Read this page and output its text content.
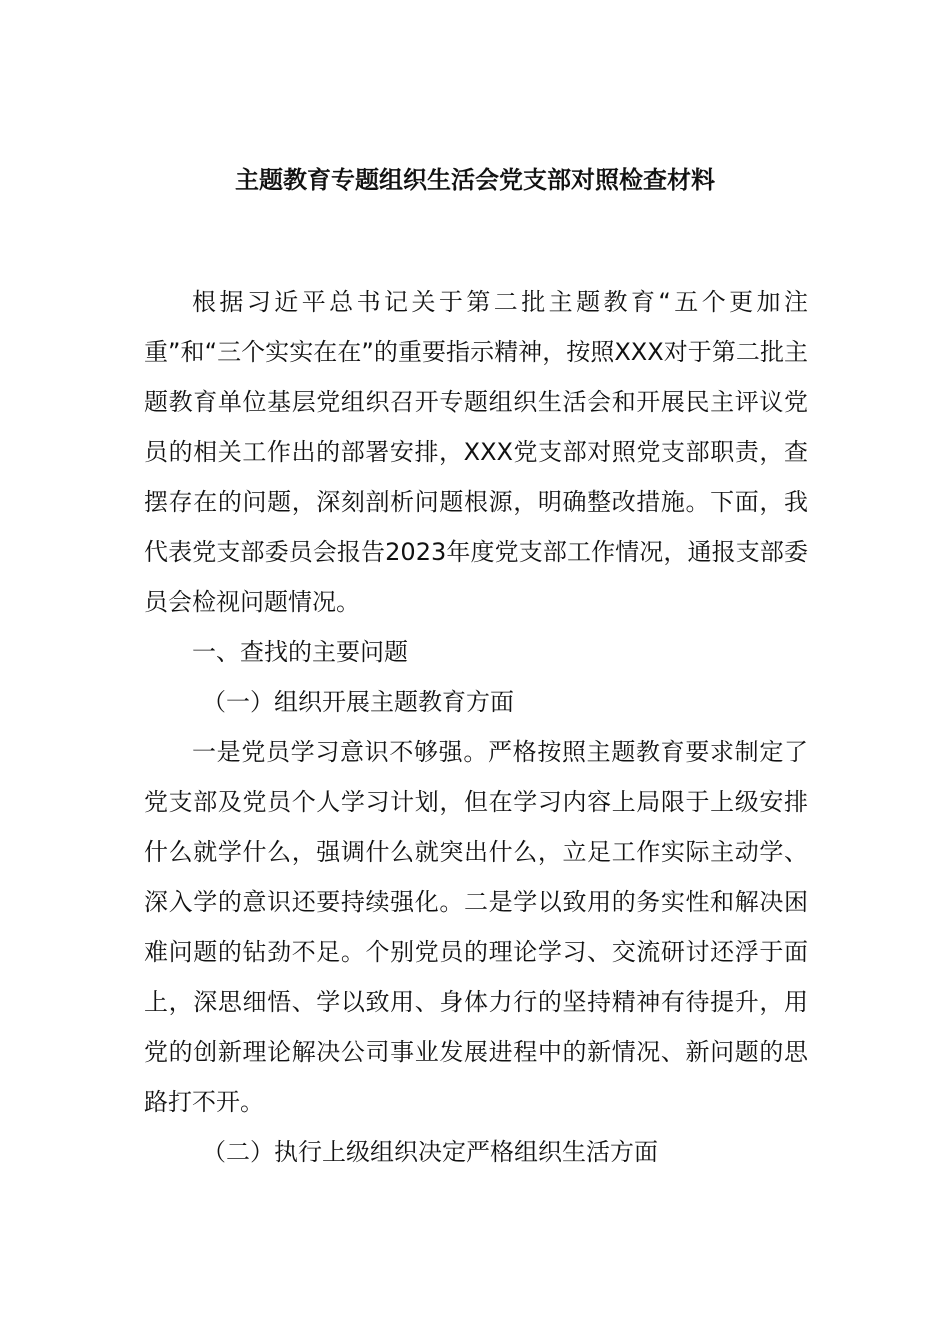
主题教育专题组织生活会党支部对照检查材料

根据习近平总书记关于第二批主题教育“五个更加注重”和“三个实实在在”的重要指示精神，按照XXX对于第二批主题教育单位基层党组织召开专题组织生活会和开展民主评议党员的相关工作出的部署安排，XXX党支部对照党支部职责，查摆存在的问题，深刻剖析问题根源，明确整改措施。下面，我代表党支部委员会报告2023年度党支部工作情况，通报支部委员会检视问题情况。

一、查找的主要问题

（一）组织开展主题教育方面

一是党员学习意识不够强。严格按照主题教育要求制定了党支部及党员个人学习计划，但在学习内容上局限于上级安排什么就学什么，强调什么就突出什么，立足工作实际主动学、深入学的意识还要持续强化。二是学以致用的务实性和解决困难问题的钻劲不足。个别党员的理论学习、交流研讨还浮于面上，深思细悟、学以致用、身体力行的坚持精神有待提升，用党的创新理论解决公司事业发展进程中的新情况、新问题的思路打不开。

（二）执行上级组织决定严格组织生活方面
